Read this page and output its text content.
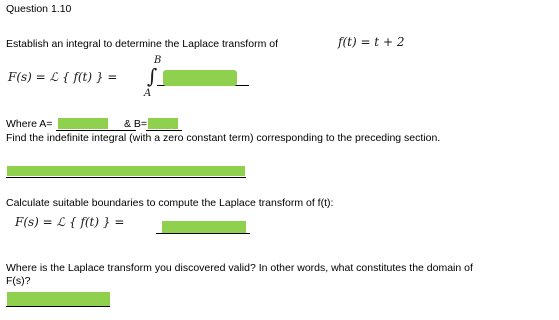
Question 1.10
Establish an integral to determine the Laplace transform of	f(t) = t + 2
F(s) = ℒ { f(t) } = ∫
B
A
Where A=	& B=
Find the indefinite integral (with a zero constant term) corresponding to the preceding section.
Calculate suitable boundaries to compute the Laplace transform of f(t):
F(s) = ℒ { f(t) } =
Where is the Laplace transform you discovered valid? In other words, what constitutes the domain of
F(s)?
